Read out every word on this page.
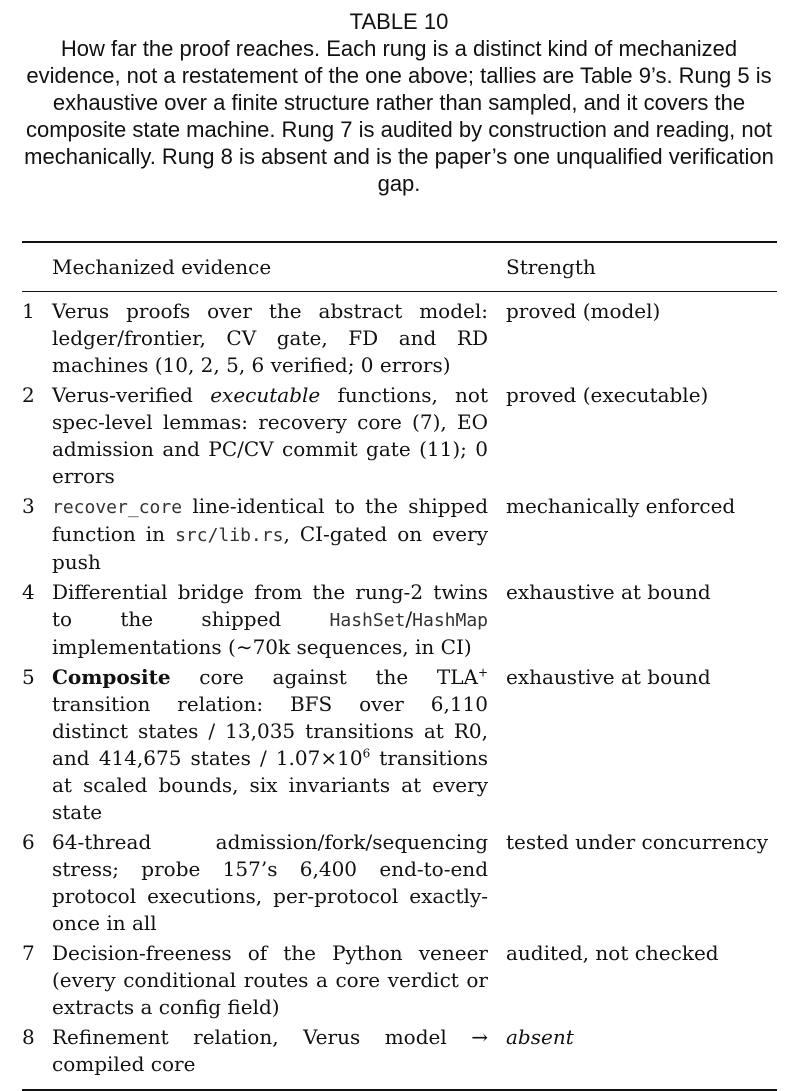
TABLE 10
How far the proof reaches. Each rung is a distinct kind of mechanized evidence, not a restatement of the one above; tallies are Table 9’s. Rung 5 is exhaustive over a finite structure rather than sampled, and it covers the composite state machine. Rung 7 is audited by construction and reading, not mechanically. Rung 8 is absent and is the paper’s one unqualified verification gap.
Mechanized evidence	Strength
1 Verus proofs over the abstract model: ledger/frontier, CV gate, FD and RD machines (10, 2, 5, 6 verified; 0 errors)
proved (model)
2 Verus-verified executable functions, not spec-level lemmas: recovery core (7), EO admission and PC/CV commit gate (11); 0 errors
proved (executable)
3 recover_core line-identical to the shipped function in src/lib.rs, CI-gated on every push
mechanically enforced
4 Differential bridge from the rung-2 twins to the shipped HashSet/HashMap implementations (∼70k sequences, in CI)
exhaustive at bound
5 Composite core against the TLA+ transition relation: BFS over 6,110 distinct states / 13,035 transitions at R0, and 414,675 states / $1.07\times 10^6$ transitions at scaled bounds, six invariants at every state
exhaustive at bound
6 64-thread admission/fork/sequencing stress; probe 157’s 6,400 end-to-end protocol executions, per-protocol exactly-once in all
tested under concurrency
7 Decision-freeness of the Python veneer (every conditional routes a core verdict or extracts a config field)
audited, not checked
8 Refinement relation, Verus model → compiled core
absent
